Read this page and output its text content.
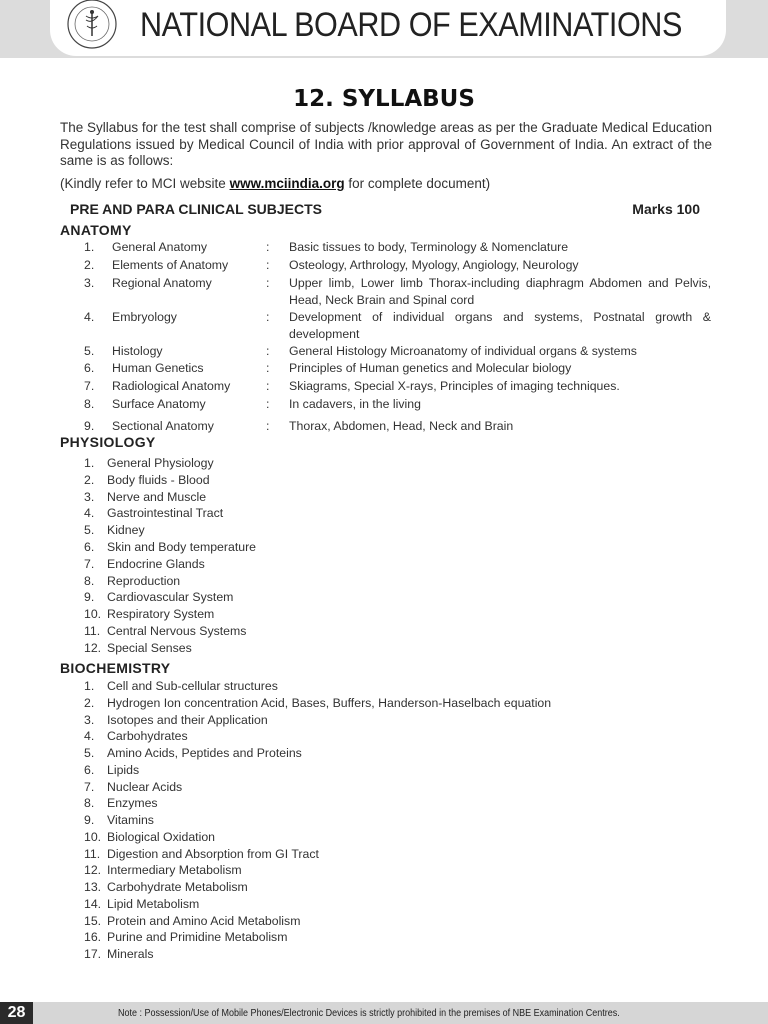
NATIONAL BOARD OF EXAMINATIONS
12. SYLLABUS
The Syllabus for the test shall comprise of subjects /knowledge areas as per the Graduate Medical Education Regulations issued by Medical Council of India with prior approval of Government of India. An extract of the same is as follows:
(Kindly refer to MCI website www.mciindia.org for complete document)
PRE AND PARA CLINICAL SUBJECTS	Marks 100
ANATOMY
1. General Anatomy	: Basic tissues to body, Terminology & Nomenclature
2. Elements of Anatomy	: Osteology, Arthrology, Myology, Angiology, Neurology
3. Regional Anatomy	: Upper limb, Lower limb Thorax-including diaphragm Abdomen and Pelvis, Head, Neck Brain and Spinal cord
4. Embryology	: Development of individual organs and systems, Postnatal growth & development
5. Histology	: General Histology Microanatomy of individual organs & systems
6. Human Genetics	: Principles of Human genetics and Molecular biology
7. Radiological Anatomy	: Skiagrams, Special X-rays, Principles of imaging techniques.
8. Surface Anatomy	: In cadavers, in the living
9. Sectional Anatomy	: Thorax, Abdomen, Head, Neck and Brain
PHYSIOLOGY
1. General Physiology
2. Body fluids - Blood
3. Nerve and Muscle
4. Gastrointestinal Tract
5. Kidney
6. Skin and Body temperature
7. Endocrine Glands
8. Reproduction
9. Cardiovascular System
10. Respiratory System
11. Central Nervous Systems
12. Special Senses
BIOCHEMISTRY
1. Cell and Sub-cellular structures
2. Hydrogen Ion concentration Acid, Bases, Buffers, Handerson-Haselbach equation
3. Isotopes and their Application
4. Carbohydrates
5. Amino Acids, Peptides and Proteins
6. Lipids
7. Nuclear Acids
8. Enzymes
9. Vitamins
10. Biological Oxidation
11. Digestion and Absorption from GI Tract
12. Intermediary Metabolism
13. Carbohydrate Metabolism
14. Lipid Metabolism
15. Protein and Amino Acid Metabolism
16. Purine and Primidine Metabolism
17. Minerals
28	Note : Possession/Use of Mobile Phones/Electronic Devices is strictly prohibited in the premises of NBE Examination Centres.
